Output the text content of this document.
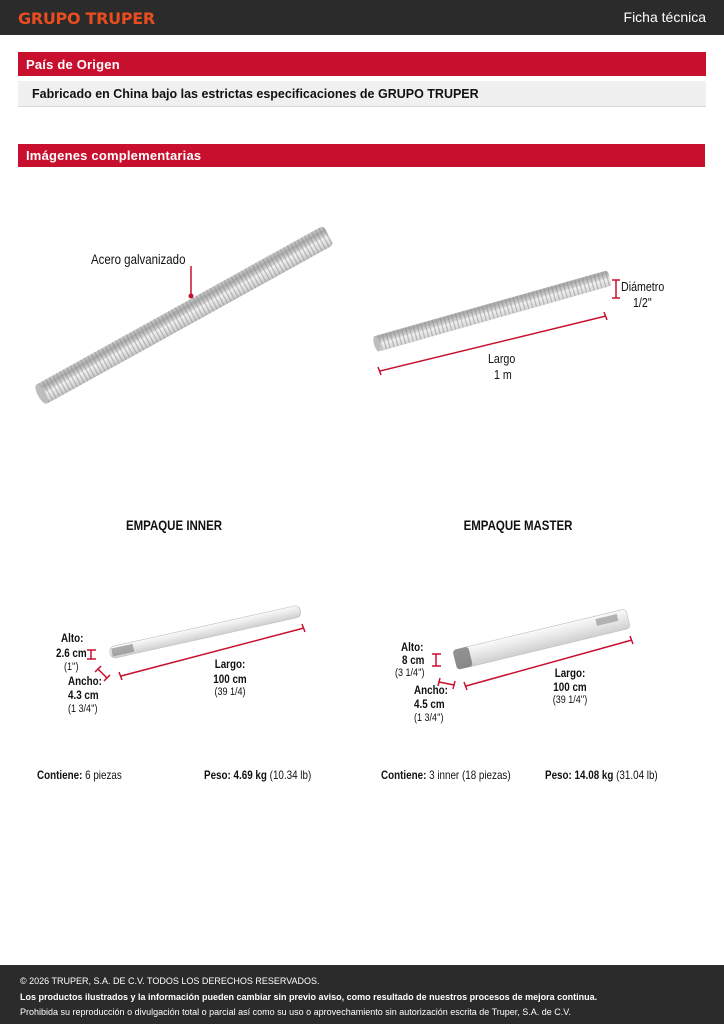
GRUPO TRUPER	Ficha técnica
País de Origen
Fabricado en China bajo las estrictas especificaciones de GRUPO TRUPER
Imágenes complementarias
Acero galvanizado
Diámetro
1/2"
Largo
1 m
EMPAQUE INNER	EMPAQUE MASTER
Alto:
2.6 cm
(1'')
Ancho:
4.3 cm
(1 3/4'')
Largo:
100 cm
(39 1/4)
Alto:
8 cm
(3 1/4'')
Ancho:
4.5 cm
(1 3/4'')
Largo:
100 cm
(39 1/4'')
Contiene: 6 piezas	Peso: 4.69 kg (10.34 lb)	Contiene: 3 inner (18 piezas)	Peso: 14.08 kg (31.04 lb)
© 2026 TRUPER, S.A. DE C.V. TODOS LOS DERECHOS RESERVADOS.
Los productos ilustrados y la información pueden cambiar sin previo aviso, como resultado de nuestros procesos de mejora continua.
Prohibida su reproducción o divulgación total o parcial así como su uso o aprovechamiento sin autorización escrita de Truper, S.A. de C.V.
